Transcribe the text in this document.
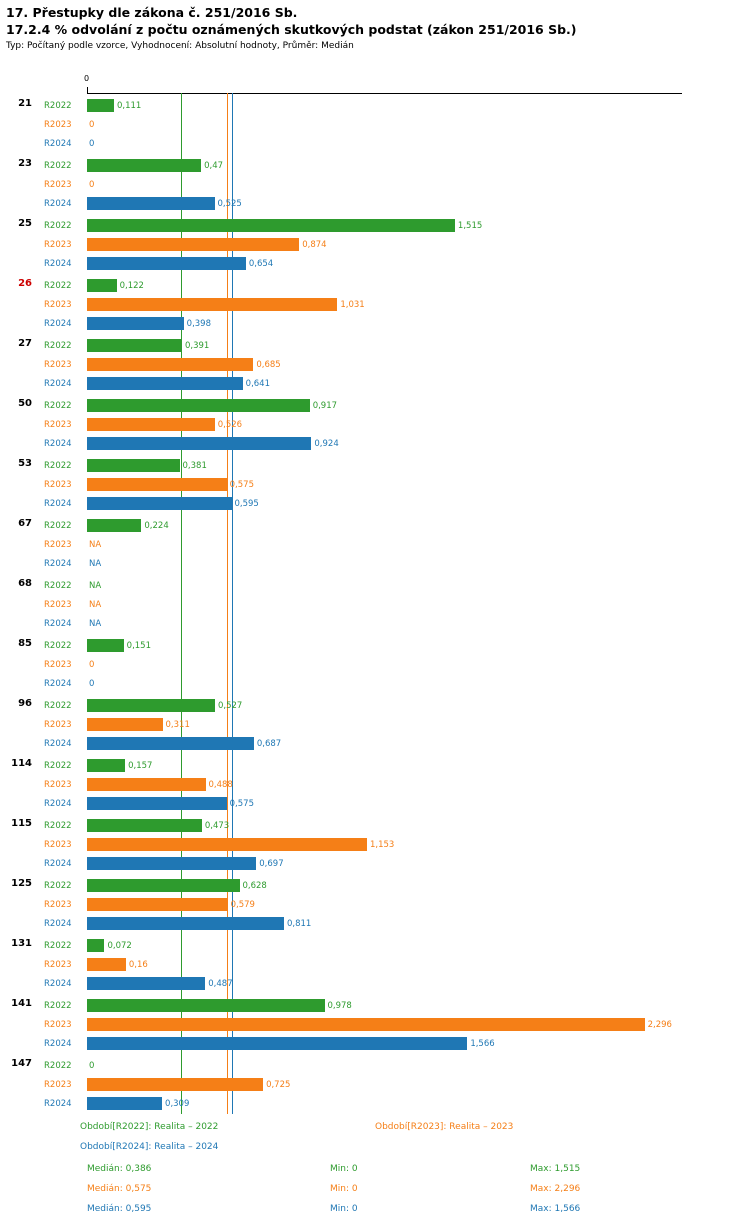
17. Přestupky dle zákona č. 251/2016 Sb.
17.2.4 % odvolání z počtu oznámených skutkových podstat (zákon 251/2016 Sb.)
Typ: Počítaný podle vzorce, Vyhodnocení: Absolutní hodnoty, Průměr: Medián
0
21 R2022	0,111
R2023 0
R2024 0
23 R2022	0,47
R2023 0
R2024	0,525
25 R2022	1,515
R2023	0,874
R2024	0,654
26 R2022	0,122
R2023	1,031
R2024	0,398
27 R2022	0,391
R2023	0,685
R2024	0,641
50 R2022	0,917
R2023	0,526
R2024	0,924
53 R2022	0,381
R2023	0,575
R2024	0,595
67 R2022	0,224
R2023 NA
R2024 NA
68 R2022 NA
R2023 NA
R2024 NA
85 R2022	0,151
R2023 0
R2024 0
96 R2022	0,527
R2023	0,311
R2024	0,687
114 R2022	0,157
R2023	0,488
R2024	0,575
115 R2022	0,473
R2023	1,153
R2024	0,697
125 R2022	0,628
R2023	0,579
R2024	0,811
131 R2022	0,072
R2023	0,16
R2024	0,487
141 R2022	0,978
R2023	2,296
R2024	1,566
147 R2022 0
R2023	0,725
R2024	0,309
Období[R2022]: Realita – 2022	Období[R2023]: Realita – 2023
Období[R2024]: Realita – 2024
Medián: 0,386	Min: 0	Max: 1,515
Medián: 0,575	Min: 0	Max: 2,296
Medián: 0,595	Min: 0	Max: 1,566
